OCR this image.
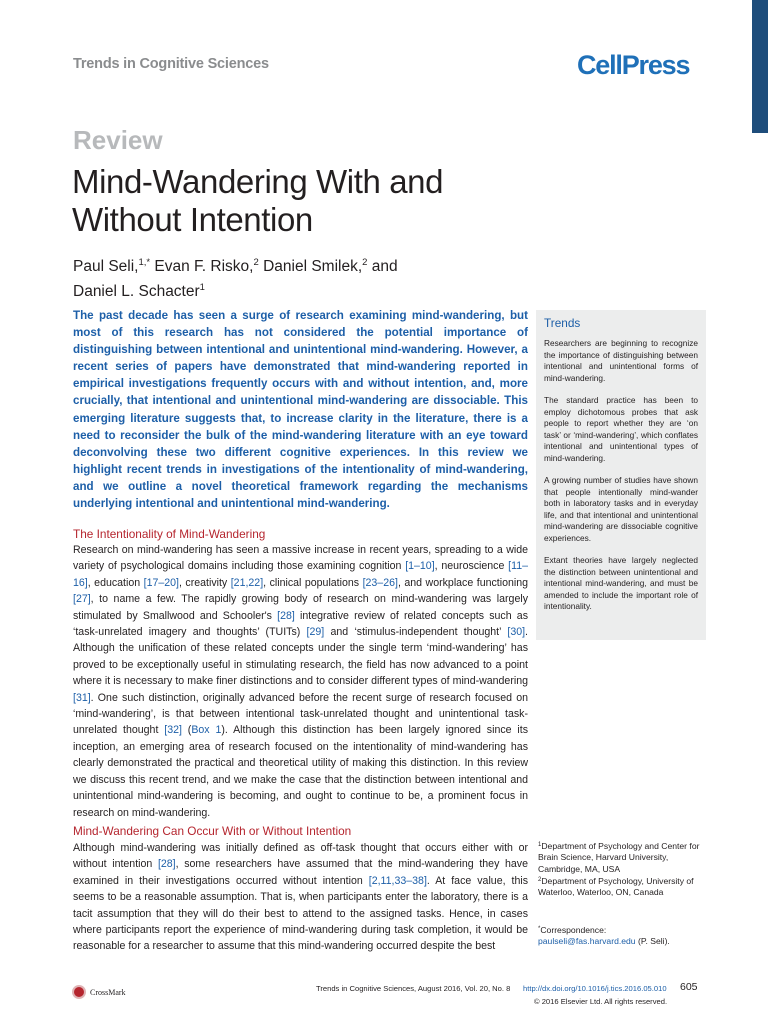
Trends in Cognitive Sciences	CellPress
Review
Mind-Wandering With and Without Intention
Paul Seli,$^{1,*}$ Evan F. Risko,$^2$ Daniel Smilek,$^2$ and
Daniel L. Schacter$^1$

The past decade has seen a surge of research examining mind-wandering, but most of this research has not considered the potential importance of distinguishing between intentional and unintentional mind-wandering. However, a recent series of papers have demonstrated that mind-wandering reported in empirical investigations frequently occurs with and without intention, and, more crucially, that intentional and unintentional mind-wandering are dissociable. This emerging literature suggests that, to increase clarity in the literature, there is a need to reconsider the bulk of the mind-wandering literature with an eye toward deconvolving these two different cognitive experiences. In this review we highlight recent trends in investigations of the intentionality of mind-wandering, and we outline a novel theoretical framework regarding the mechanisms underlying intentional and unintentional mind-wandering.

The Intentionality of Mind-Wandering

Research on mind-wandering has seen a massive increase in recent years, spreading to a wide variety of psychological domains including those examining cognition [1–10], neuroscience [11–16], education [17–20], creativity [21,22], clinical populations [23–26], and workplace functioning [27], to name a few. The rapidly growing body of research on mind-wandering was largely stimulated by Smallwood and Schooler's [28] integrative review of related concepts such as ‘task-unrelated imagery and thoughts’ (TUITs) [29] and ‘stimulus-independent thought’ [30]. Although the unification of these related concepts under the single term ‘mind-wandering’ has proved to be exceptionally useful in stimulating research, the field has now advanced to a point where it is necessary to make finer distinctions and to consider different types of mind-wandering [31]. One such distinction, originally advanced before the recent surge of research focused on ‘mind-wandering’, is that between intentional task-unrelated thought and unintentional task-unrelated thought [32] (Box 1). Although this distinction has been largely ignored since its inception, an emerging area of research focused on the intentionality of mind-wandering has clearly demonstrated the practical and theoretical utility of making this distinction. In this review we discuss this recent trend, and we make the case that the distinction between intentional and unintentional mind-wandering is becoming, and ought to continue to be, a prominent focus in research on mind-wandering.

Mind-Wandering Can Occur With or Without Intention

Although mind-wandering was initially defined as off-task thought that occurs either with or without intention [28], some researchers have assumed that the mind-wandering they have examined in their investigations occurred without intention [2,11,33–38]. At face value, this seems to be a reasonable assumption. That is, when participants enter the laboratory, there is a tacit assumption that they will do their best to attend to the assigned tasks. Hence, in cases where participants report the experience of mind-wandering during task completion, it would be reasonable for a researcher to assume that this mind-wandering occurred despite the best

Trends

Researchers are beginning to recognize the importance of distinguishing between intentional and unintentional forms of mind-wandering.

The standard practice has been to employ dichotomous probes that ask people to report whether they are ‘on task’ or ‘mind-wandering’, which conflates intentional and unintentional types of mind-wandering.

A growing number of studies have shown that people intentionally mind-wander both in laboratory tasks and in everyday life, and that intentional and unintentional mind-wandering are dissociable cognitive experiences.

Extant theories have largely neglected the distinction between unintentional and intentional mind-wandering, and must be amended to include the important role of intentionality.

$^1$Department of Psychology and Center for Brain Science, Harvard University, Cambridge, MA, USA
$^2$Department of Psychology, University of Waterloo, Waterloo, ON, Canada
*Correspondence:
paulseli@fas.harvard.edu (P. Seli).
CrossMark	Trends in Cognitive Sciences, August 2016, Vol. 20, No. 8 http://dx.doi.org/10.1016/j.tics.2016.05.010 605
© 2016 Elsevier Ltd. All rights reserved.
